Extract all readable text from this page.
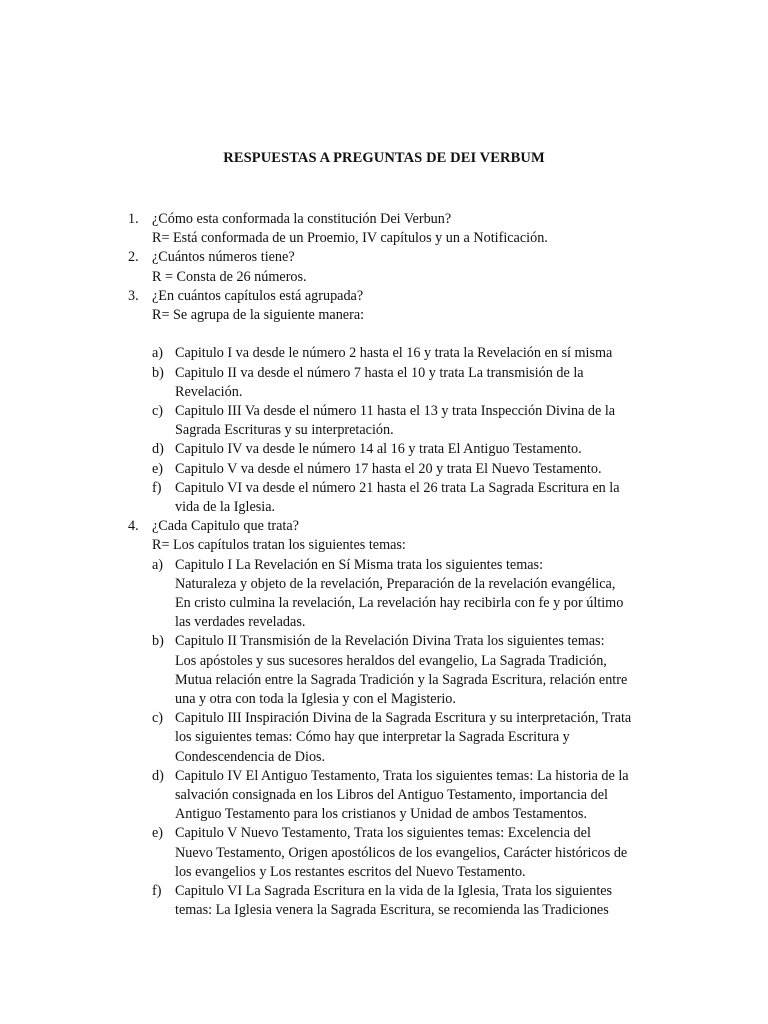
RESPUESTAS A PREGUNTAS DE DEI VERBUM
1. ¿Cómo esta conformada la constitución Dei Verbun?
R= Está conformada de un Proemio, IV capítulos y un a Notificación.
2. ¿Cuántos números tiene?
R = Consta de 26 números.
3. ¿En cuántos capítulos está agrupada?
R= Se agrupa de la siguiente manera:
a) Capitulo I va desde le número 2 hasta el 16 y trata la Revelación en sí misma
b) Capitulo II va desde el número 7 hasta el 10 y trata La transmisión de la
Revelación.
c) Capitulo III Va desde el número 11 hasta el 13 y trata Inspección Divina de la
Sagrada Escrituras y su interpretación.
d) Capitulo IV va desde le número 14 al 16 y trata El Antiguo Testamento.
e) Capitulo V va desde el número 17 hasta el 20 y trata El Nuevo Testamento.
f) Capitulo VI va desde el número 21 hasta el 26 trata La Sagrada Escritura en la
vida de la Iglesia.
4. ¿Cada Capitulo que trata?
R= Los capítulos tratan los siguientes temas:
a) Capitulo I La Revelación en Sí Misma trata los siguientes temas:
Naturaleza y objeto de la revelación, Preparación de la revelación evangélica,
En cristo culmina la revelación, La revelación hay recibirla con fe y por último
las verdades reveladas.
b) Capitulo II Transmisión de la Revelación Divina Trata los siguientes temas:
Los apóstoles y sus sucesores heraldos del evangelio, La Sagrada Tradición,
Mutua relación entre la Sagrada Tradición y la Sagrada Escritura, relación entre
una y otra con toda la Iglesia y con el Magisterio.
c) Capitulo III Inspiración Divina de la Sagrada Escritura y su interpretación, Trata
los siguientes temas: Cómo hay que interpretar la Sagrada Escritura y
Condescendencia de Dios.
d) Capitulo IV El Antiguo Testamento, Trata los siguientes temas: La historia de la
salvación consignada en los Libros del Antiguo Testamento, importancia del
Antiguo Testamento para los cristianos y Unidad de ambos Testamentos.
e) Capitulo V Nuevo Testamento, Trata los siguientes temas: Excelencia del
Nuevo Testamento, Origen apostólicos de los evangelios, Carácter históricos de
los evangelios y Los restantes escritos del Nuevo Testamento.
f) Capitulo VI La Sagrada Escritura en la vida de la Iglesia, Trata los siguientes
temas: La Iglesia venera la Sagrada Escritura, se recomienda las Tradiciones
